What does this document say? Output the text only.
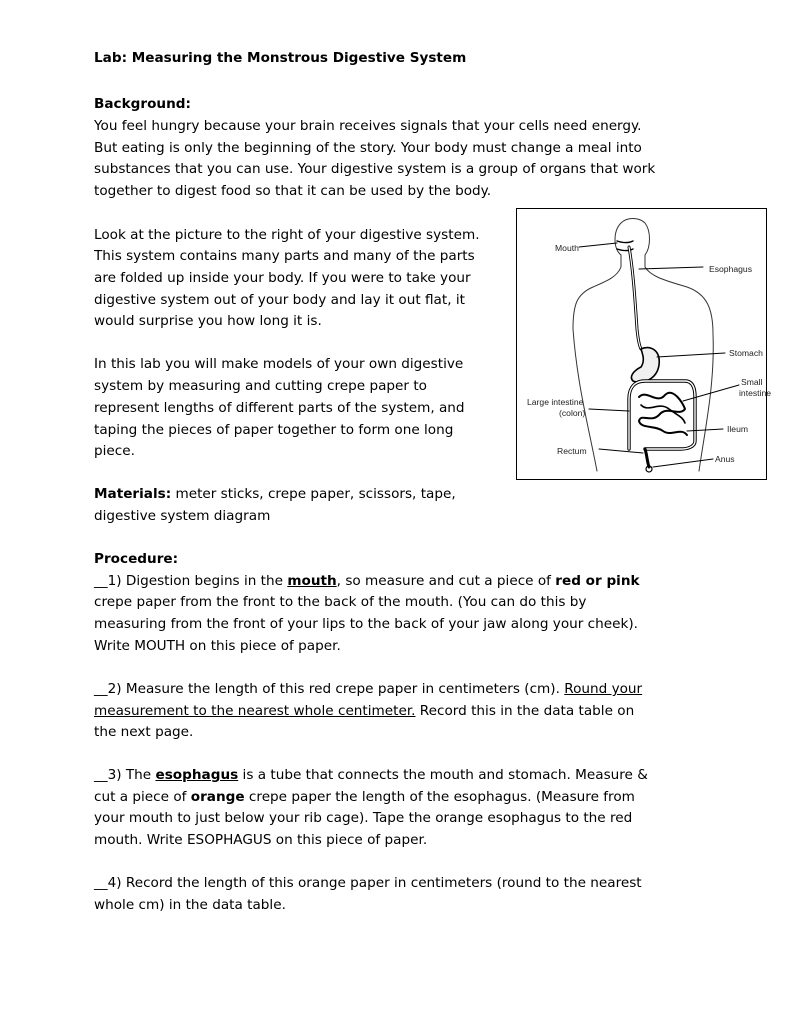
Lab: Measuring the Monstrous Digestive System
Background:
You feel hungry because your brain receives signals that your cells need energy.
But eating is only the beginning of the story. Your body must change a meal into
substances that you can use. Your digestive system is a group of organs that work
together to digest food so that it can be used by the body.
Look at the picture to the right of your digestive system.
This system contains many parts and many of the parts
are folded up inside your body. If you were to take your
digestive system out of your body and lay it out flat, it
would surprise you how long it is.
In this lab you will make models of your own digestive
system by measuring and cutting crepe paper to
represent lengths of different parts of the system, and
taping the pieces of paper together to form one long
piece.
Materials: meter sticks, crepe paper, scissors, tape,
digestive system diagram
Procedure:
__1) Digestion begins in the mouth, so measure and cut a piece of red or pink
crepe paper from the front to the back of the mouth. (You can do this by
measuring from the front of your lips to the back of your jaw along your cheek).
Write MOUTH on this piece of paper.
__2) Measure the length of this red crepe paper in centimeters (cm). Round your
measurement to the nearest whole centimeter. Record this in the data table on
the next page.
__3) The esophagus is a tube that connects the mouth and stomach. Measure &
cut a piece of orange crepe paper the length of the esophagus. (Measure from
your mouth to just below your rib cage). Tape the orange esophagus to the red
mouth. Write ESOPHAGUS on this piece of paper.
__4) Record the length of this orange paper in centimeters (round to the nearest
whole cm) in the data table.
Mouth
Esophagus
Stomach
Small
intestine
Large intestine
(colon)
Ileum
Rectum
Anus
